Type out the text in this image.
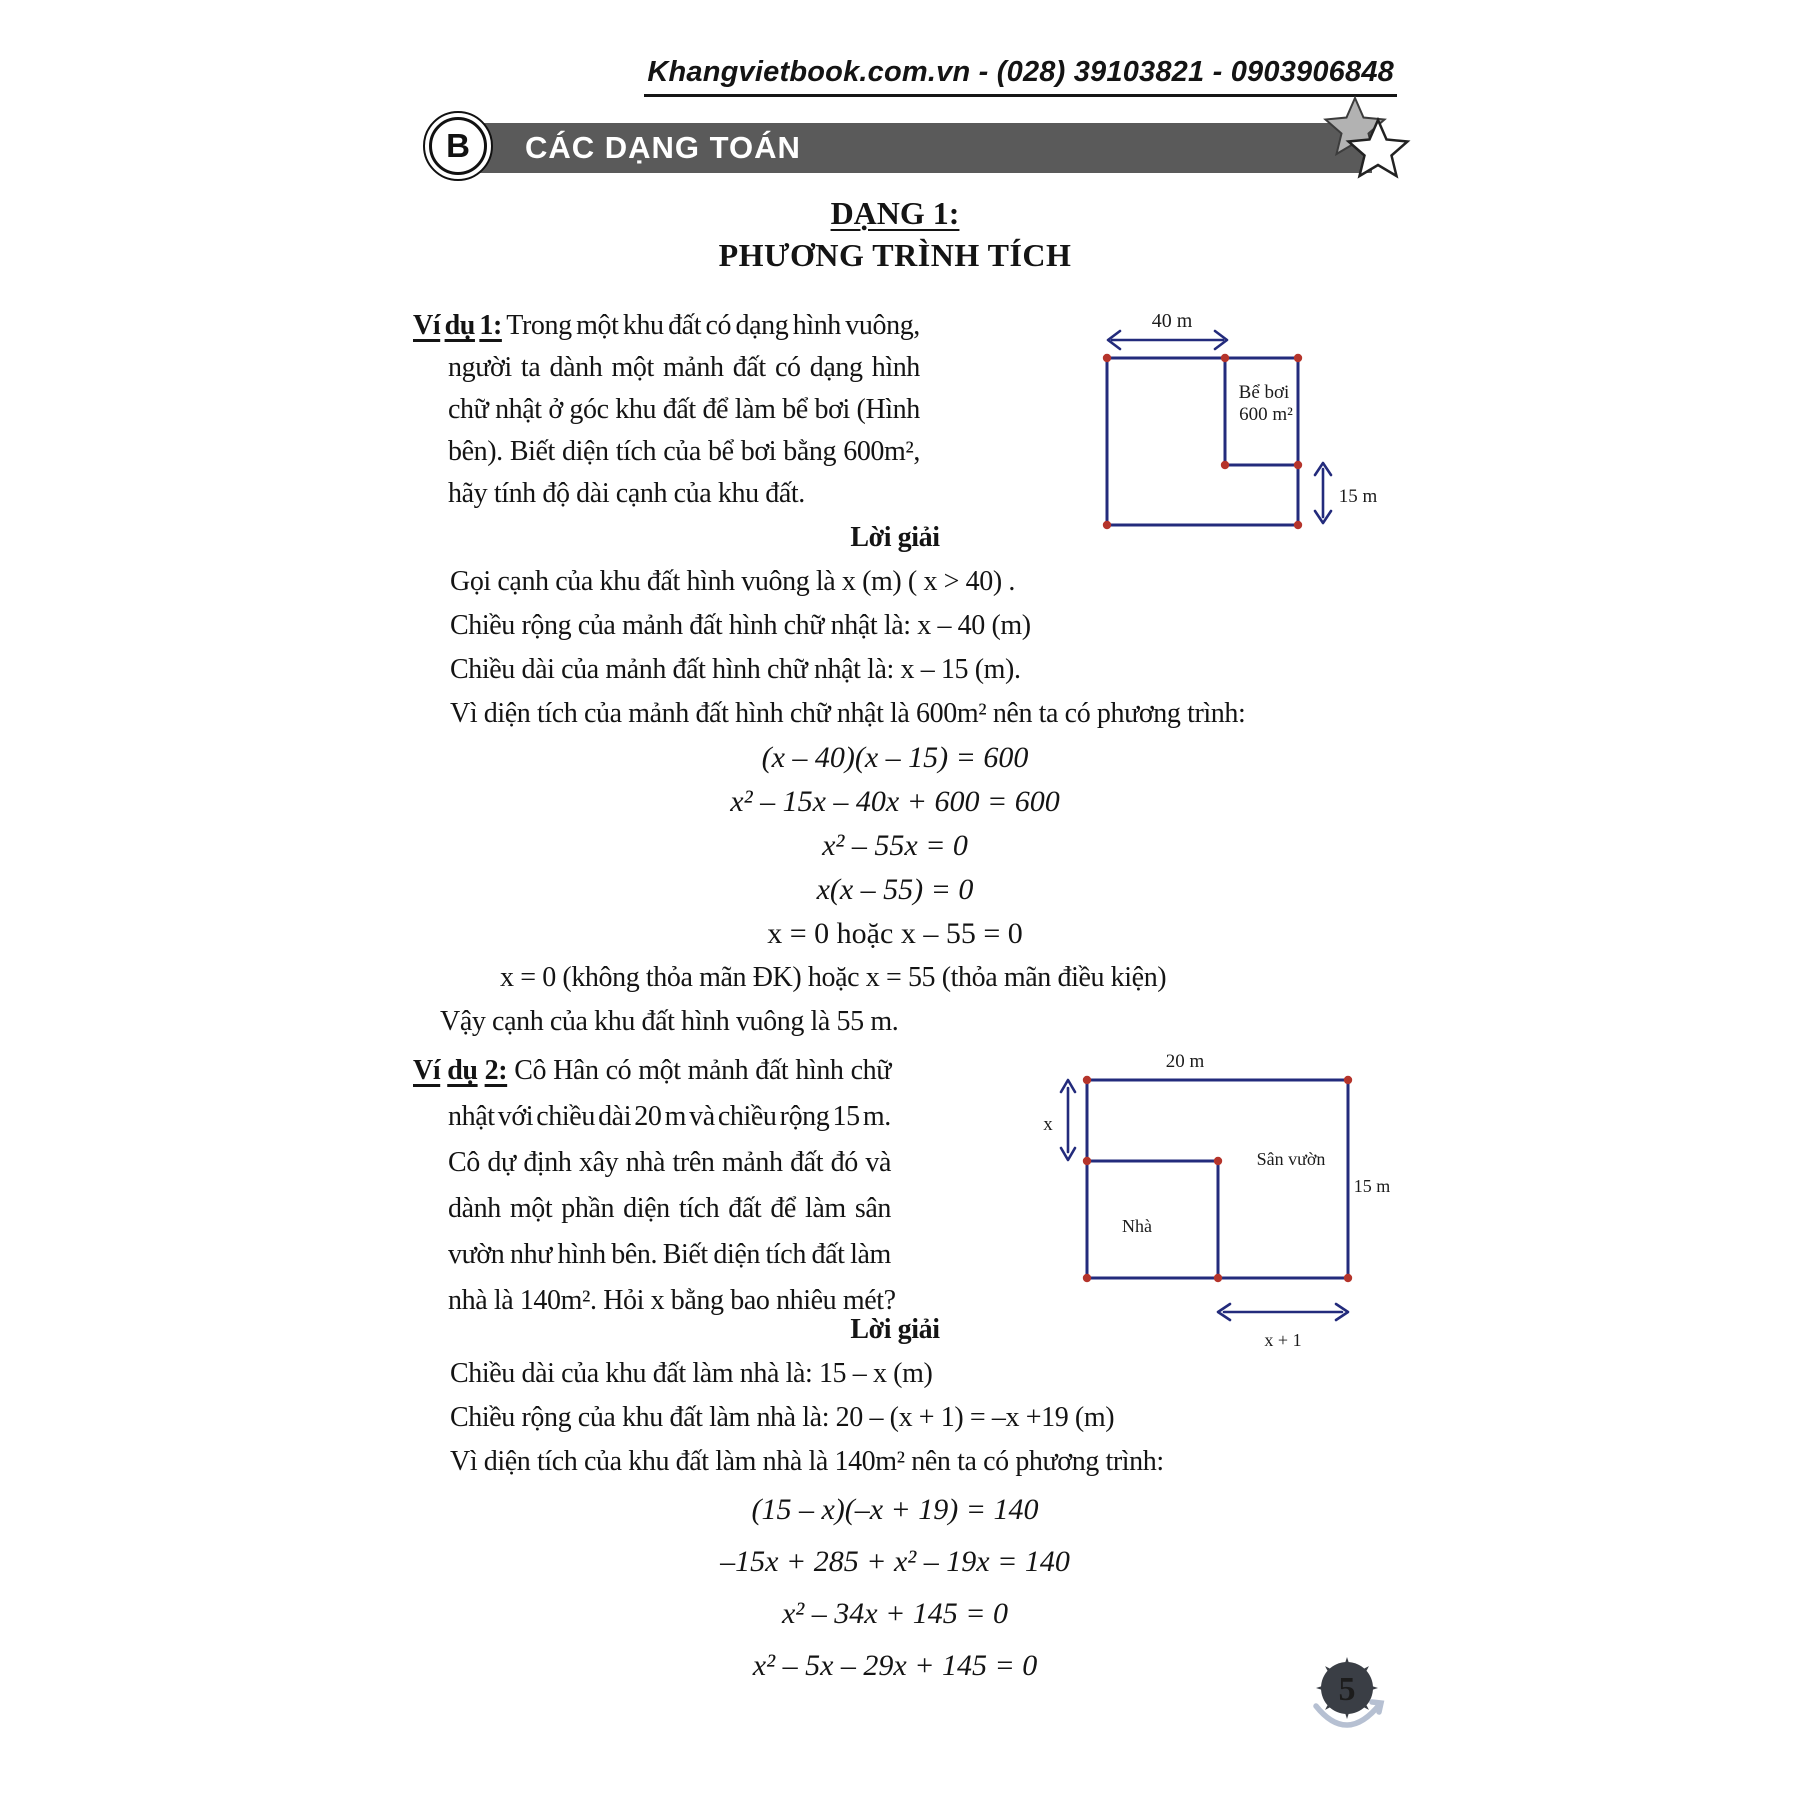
Khangvietbook.com.vn - (028) 39103821 - 0903906848
CÁC DẠNG TOÁN
B
DẠNG 1:
PHƯƠNG TRÌNH TÍCH
Ví dụ 1: Trong một khu đất có dạng hình vuông,
người ta dành một mảnh đất có dạng hình
chữ nhật ở góc khu đất để làm bể bơi (Hình
bên). Biết diện tích của bể bơi bằng 600m²,
hãy tính độ dài cạnh của khu đất.
40 m
Bể bơi
600 m²
15 m
Lời giải
Gọi cạnh của khu đất hình vuông là x (m) ( x > 40) .
Chiều rộng của mảnh đất hình chữ nhật là: x – 40 (m)
Chiều dài của mảnh đất hình chữ nhật là: x – 15 (m).
Vì diện tích của mảnh đất hình chữ nhật là 600m² nên ta có phương trình:
(x – 40)(x – 15) = 600
x² – 15x – 40x + 600 = 600
x² – 55x = 0
x(x – 55) = 0
x = 0 hoặc x – 55 = 0
x = 0 (không thỏa mãn ĐK) hoặc x = 55 (thỏa mãn điều kiện)
Vậy cạnh của khu đất hình vuông là 55 m.
Ví dụ 2: Cô Hân có một mảnh đất hình chữ
nhật với chiều dài 20 m và chiều rộng 15 m.
Cô dự định xây nhà trên mảnh đất đó và
dành một phần diện tích đất để làm sân
vườn như hình bên. Biết diện tích đất làm
nhà là 140m². Hỏi x bằng bao nhiêu mét?
20 m
x
Sân vườn
15 m
Nhà
x + 1
Lời giải
Chiều dài của khu đất làm nhà là: 15 – x (m)
Chiều rộng của khu đất làm nhà là: 20 – (x + 1) = –x +19 (m)
Vì diện tích của khu đất làm nhà là 140m² nên ta có phương trình:
(15 – x)(–x + 19) = 140
–15x + 285 + x² – 19x = 140
x² – 34x + 145 = 0
x² – 5x – 29x + 145 = 0
5
